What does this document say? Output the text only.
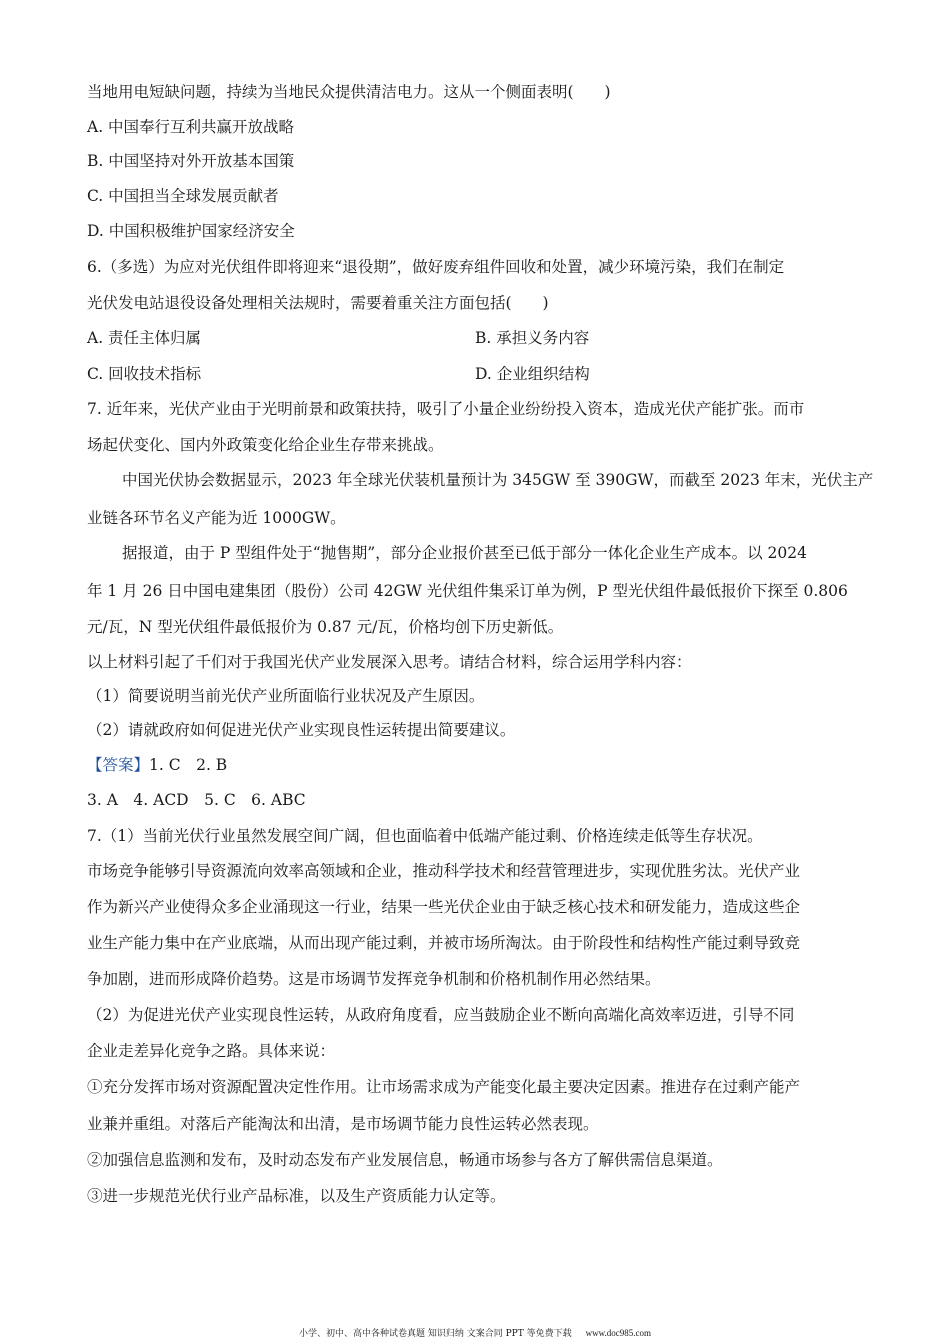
当地用电短缺问题，持续为当地民众提供清洁电力。这从一个侧面表明(　　)
A. 中国奉行互利共赢开放战略
B. 中国坚持对外开放基本国策
C. 中国担当全球发展贡献者
D. 中国积极维护国家经济安全
6.（多选）为应对光伏组件即将迎来“退役期”，做好废弃组件回收和处置，减少环境污染，我们在制定
光伏发电站退役设备处理相关法规时，需要着重关注方面包括(　　)
A. 责任主体归属	B. 承担义务内容
C. 回收技术指标	D. 企业组织结构
7. 近年来，光伏产业由于光明前景和政策扶持，吸引了小量企业纷纷投入资本，造成光伏产能扩张。而市
场起伏变化、国内外政策变化给企业生存带来挑战。
中国光伏协会数据显示，2023 年全球光伏装机量预计为 345GW 至 390GW，而截至 2023 年末，光伏主产
业链各环节名义产能为近 1000GW。
据报道，由于 P 型组件处于“抛售期”，部分企业报价甚至已低于部分一体化企业生产成本。以 2024
年 1 月 26 日中国电建集团（股份）公司 42GW 光伏组件集采订单为例，P 型光伏组件最低报价下探至 0.806
元/瓦，N 型光伏组件最低报价为 0.87 元/瓦，价格均创下历史新低。
以上材料引起了千们对于我国光伏产业发展深入思考。请结合材料，综合运用学科内容：
（1）简要说明当前光伏产业所面临行业状况及产生原因。
（2）请就政府如何促进光伏产业实现良性运转提出简要建议。
【答案】1. C　2. B
3. A　4. ACD　5. C　6. ABC
7.（1）当前光伏行业虽然发展空间广阔，但也面临着中低端产能过剩、价格连续走低等生存状况。
市场竞争能够引导资源流向效率高领域和企业，推动科学技术和经营管理进步，实现优胜劣汰。光伏产业
作为新兴产业使得众多企业涌现这一行业，结果一些光伏企业由于缺乏核心技术和研发能力，造成这些企
业生产能力集中在产业底端，从而出现产能过剩，并被市场所淘汰。由于阶段性和结构性产能过剩导致竞
争加剧，进而形成降价趋势。这是市场调节发挥竞争机制和价格机制作用必然结果。
（2）为促进光伏产业实现良性运转，从政府角度看，应当鼓励企业不断向高端化高效率迈进，引导不同
企业走差异化竞争之路。具体来说：
①充分发挥市场对资源配置决定性作用。让市场需求成为产能变化最主要决定因素。推进存在过剩产能产
业兼并重组。对落后产能淘汰和出清，是市场调节能力良性运转必然表现。
②加强信息监测和发布，及时动态发布产业发展信息，畅通市场参与各方了解供需信息渠道。
③进一步规范光伏行业产品标准，以及生产资质能力认定等。
小学、初中、高中各种试卷真题 知识归纳 文案合同 PPT 等免费下载 www.doc985.com
